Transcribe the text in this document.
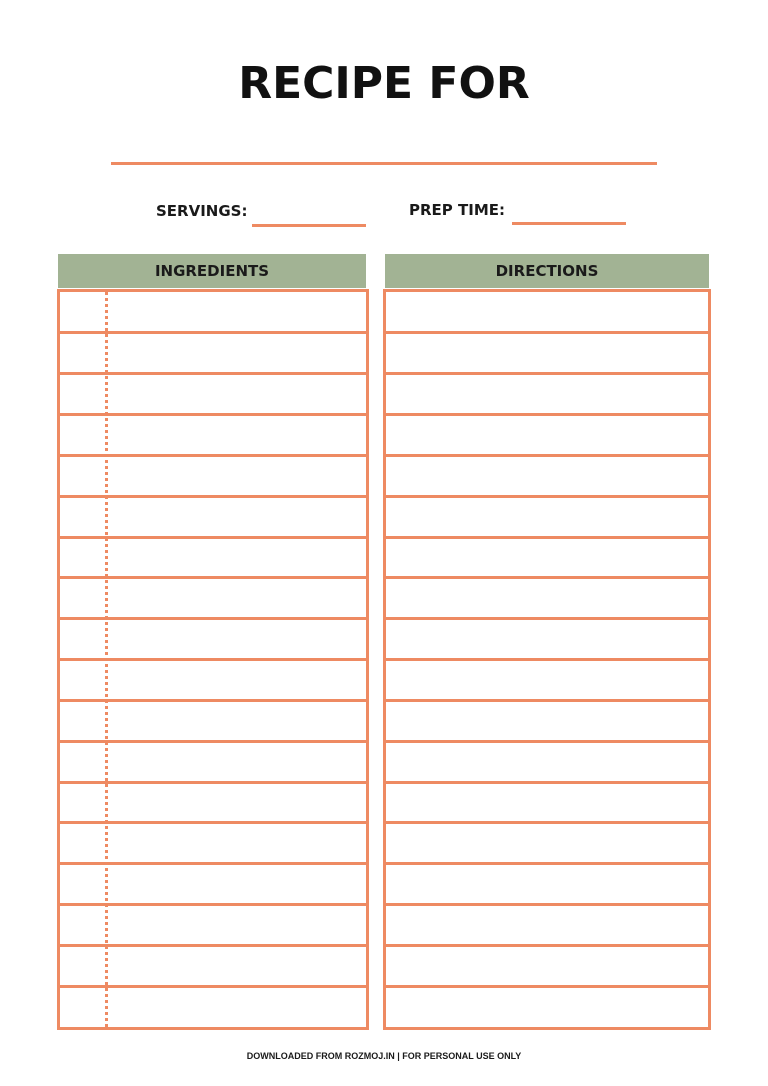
RECIPE FOR
SERVINGS:	PREP TIME:
INGREDIENTS	DIRECTIONS
DOWNLOADED FROM ROZMOJ.IN | FOR PERSONAL USE ONLY
